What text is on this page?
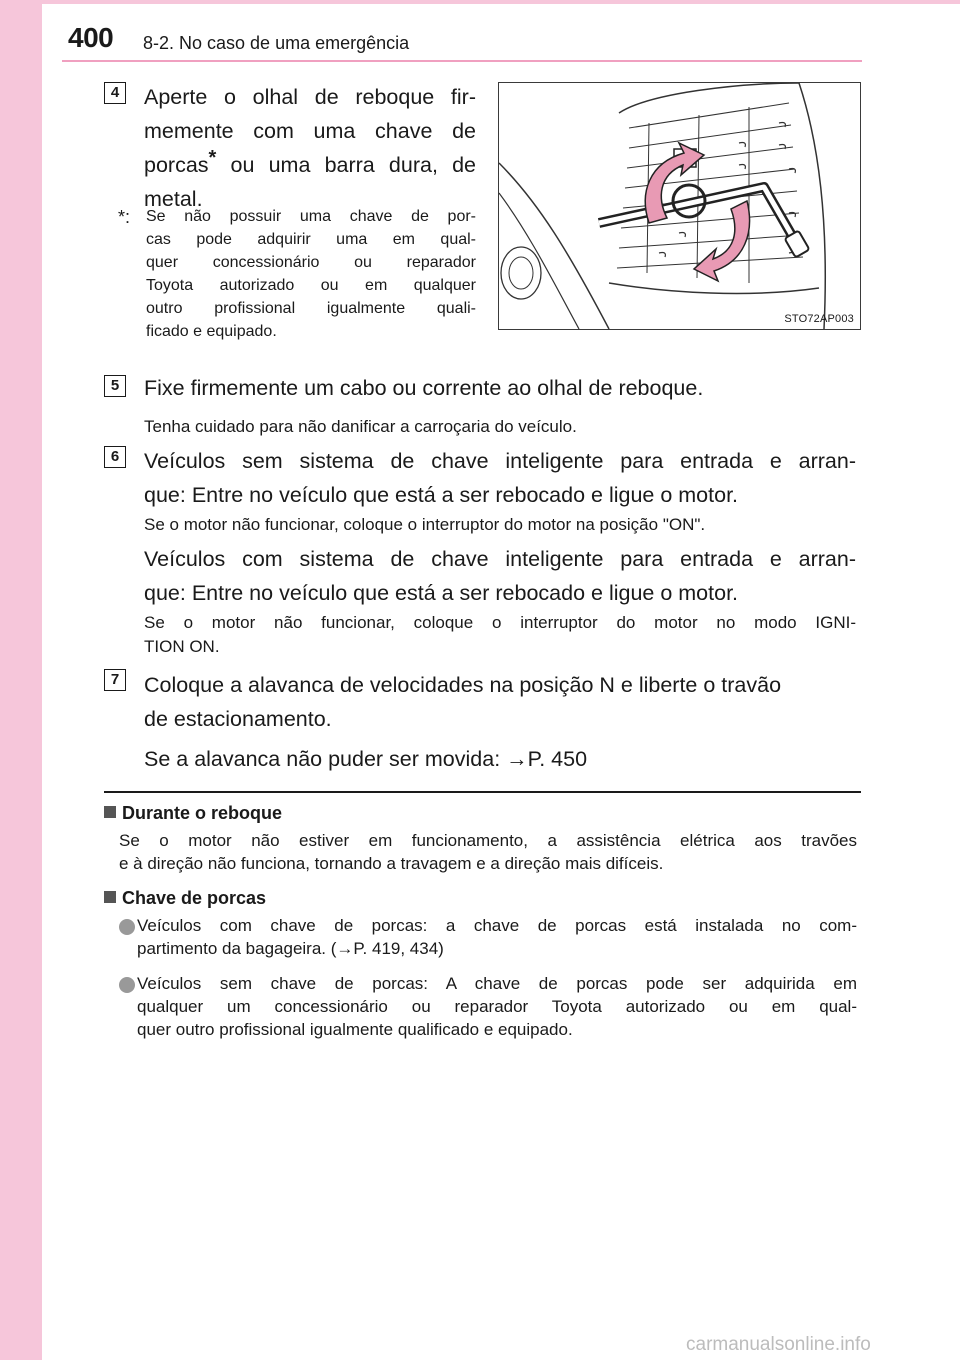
400 8-2. No caso de uma emergência
4	Aperte o olhal de reboque fir-
memente com uma chave de
porcas* ou uma barra dura, de
metal.
*: Se não possuir uma chave de por-
cas pode adquirir uma em qual-
quer concessionário ou reparador
Toyota autorizado ou em qualquer
outro profissional igualmente quali-
ficado e equipado.
STO72AP003
5	Fixe firmemente um cabo ou corrente ao olhal de reboque.
Tenha cuidado para não danificar a carroçaria do veículo.
6	Veículos sem sistema de chave inteligente para entrada e arran-
que: Entre no veículo que está a ser rebocado e ligue o motor.
Se o motor não funcionar, coloque o interruptor do motor na posição "ON".
Veículos com sistema de chave inteligente para entrada e arran-
que: Entre no veículo que está a ser rebocado e ligue o motor.
Se o motor não funcionar, coloque o interruptor do motor no modo IGNI-
TION ON.
7	Coloque a alavanca de velocidades na posição N e liberte o travão
de estacionamento.
Se a alavanca não puder ser movida: →P. 450
Durante o reboque
Se o motor não estiver em funcionamento, a assistência elétrica aos travões
e à direção não funciona, tornando a travagem e a direção mais difíceis.
Chave de porcas
Veículos com chave de porcas: a chave de porcas está instalada no com-
partimento da bagageira. (→P. 419, 434)
Veículos sem chave de porcas: A chave de porcas pode ser adquirida em
qualquer um concessionário ou reparador Toyota autorizado ou em qual-
quer outro profissional igualmente qualificado e equipado.
carmanualsonline.info
